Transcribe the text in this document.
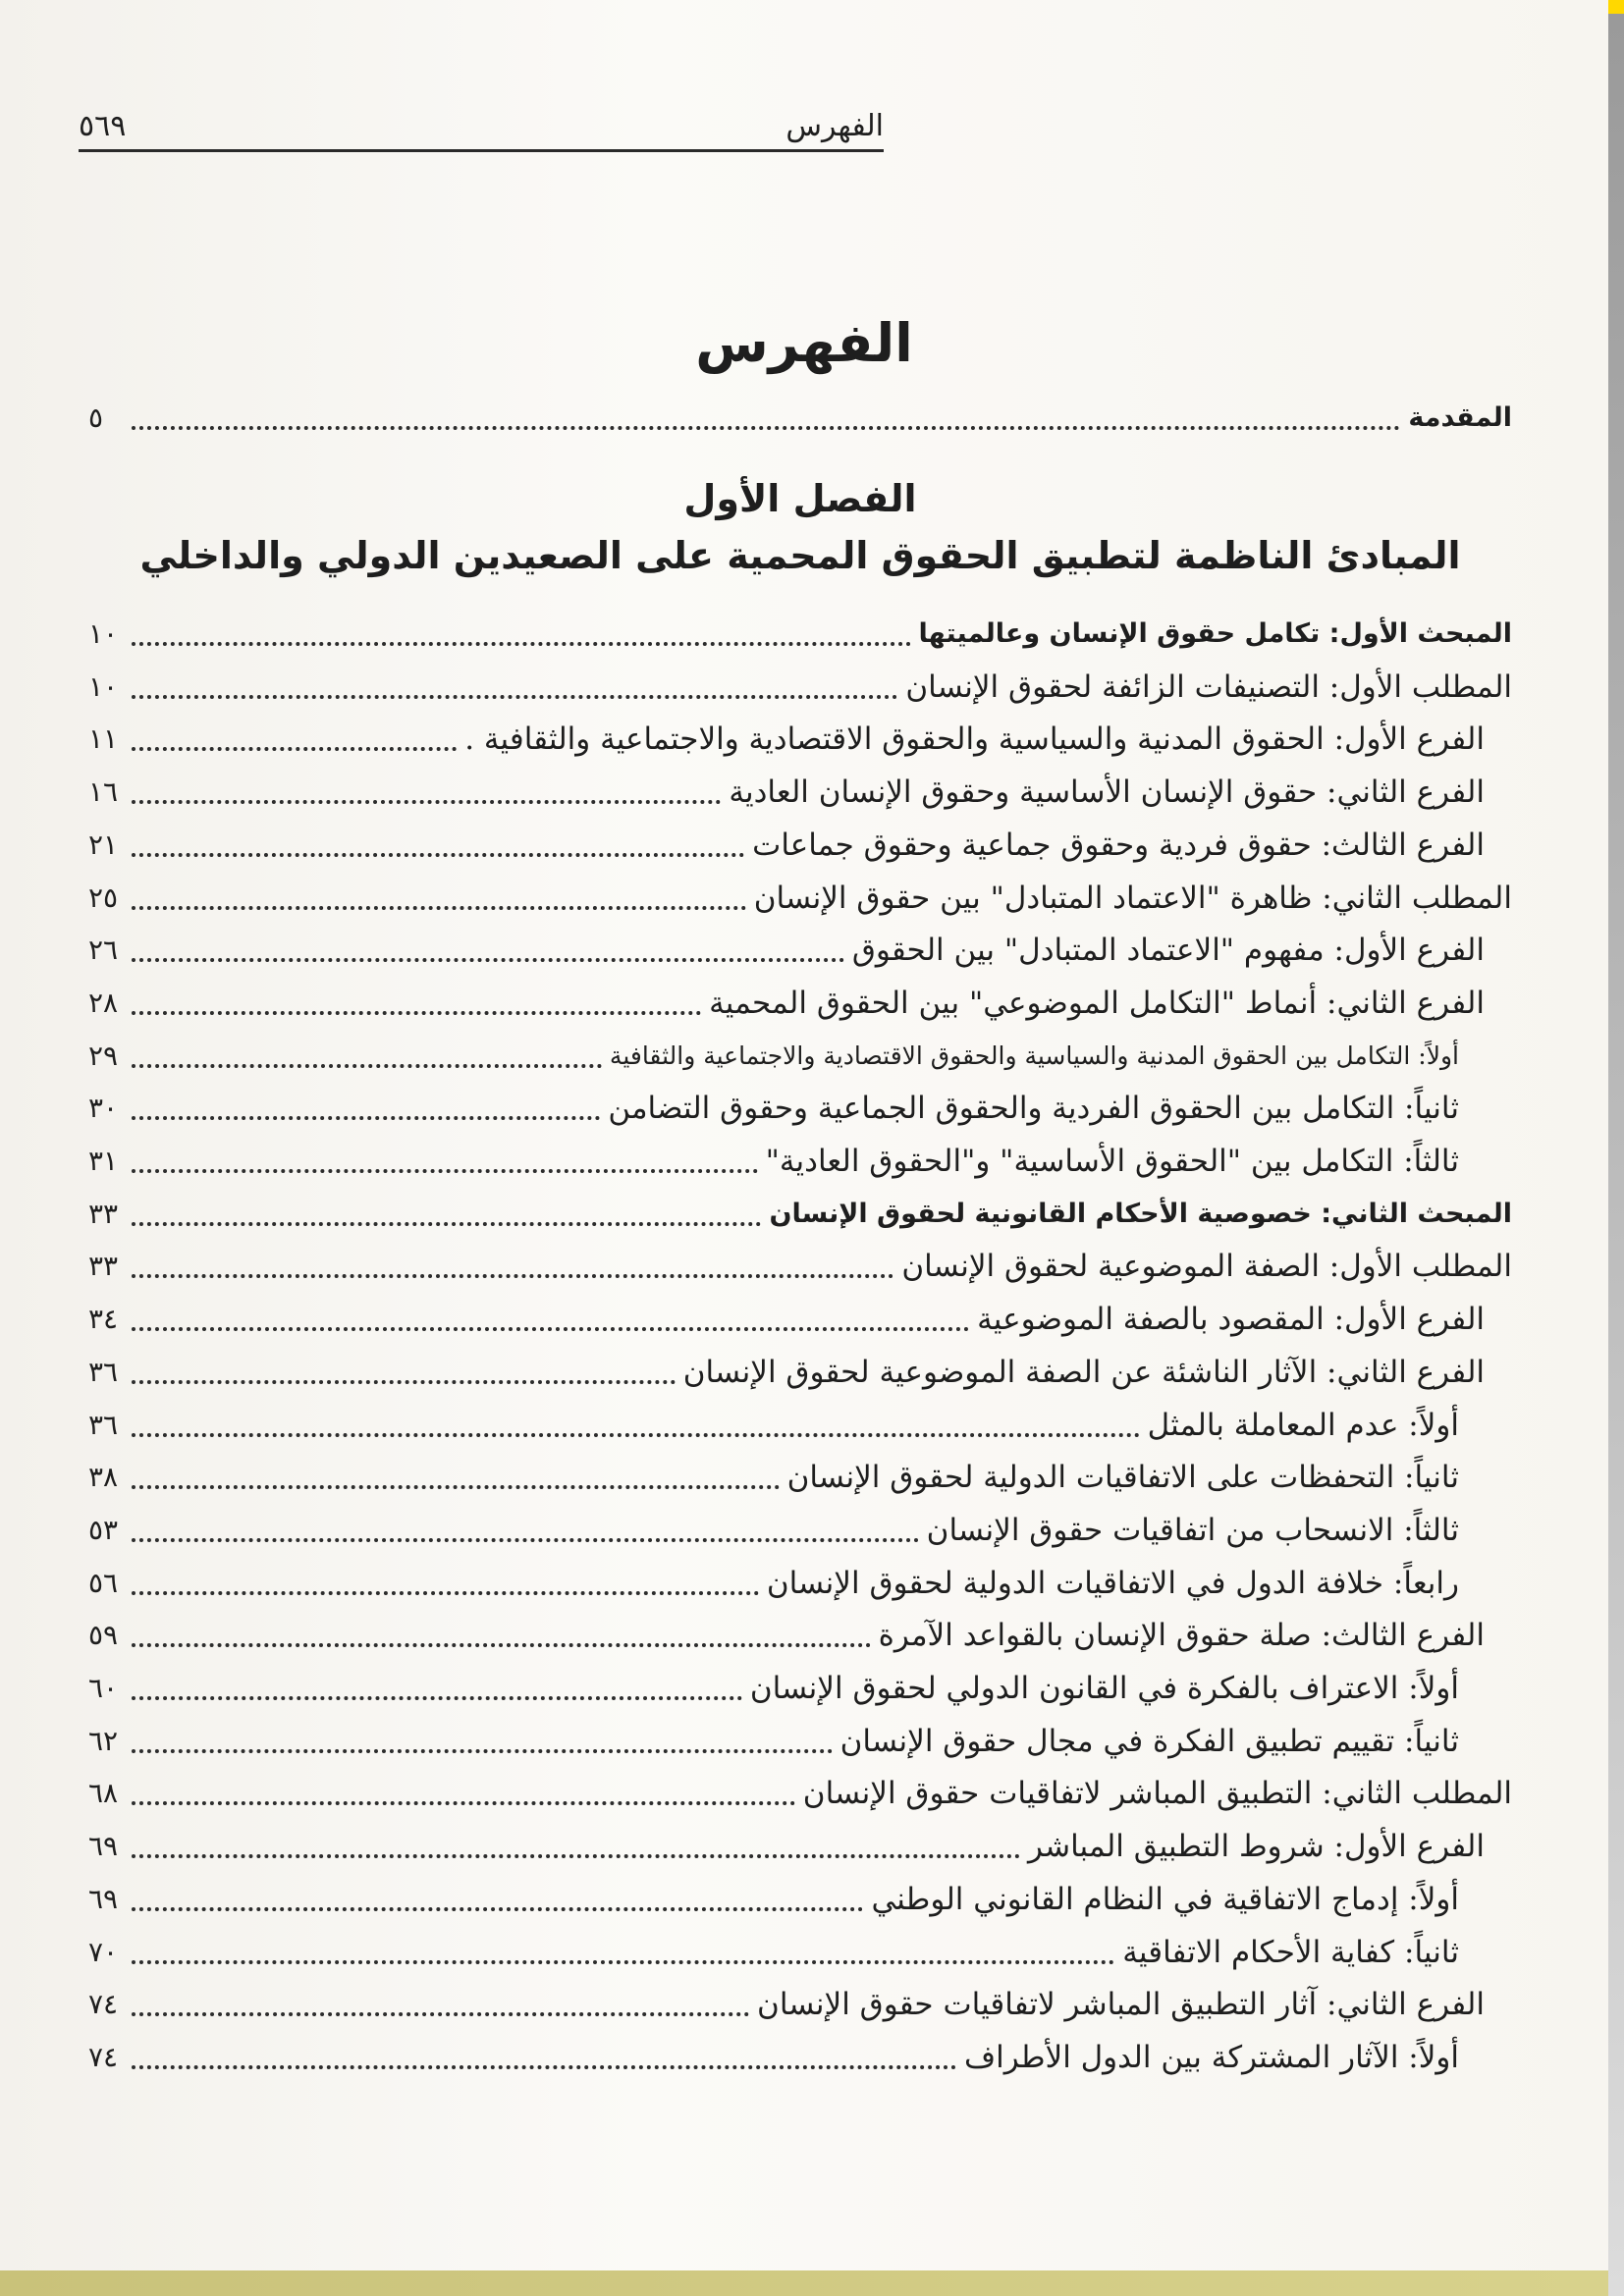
٥٦٩	الفهرس
الفهرس
المقدمة
٥
الفصل الأول
المبادئ الناظمة لتطبيق الحقوق المحمية على الصعيدين الدولي والداخلي
المبحث الأول: تكامل حقوق الإنسان وعالميتها
١٠
المطلب الأول: التصنيفات الزائفة لحقوق الإنسان
١٠
الفرع الأول: الحقوق المدنية والسياسية والحقوق الاقتصادية والاجتماعية والثقافية .
١١
الفرع الثاني: حقوق الإنسان الأساسية وحقوق الإنسان العادية
١٦
الفرع الثالث: حقوق فردية وحقوق جماعية وحقوق جماعات
٢١
المطلب الثاني: ظاهرة "الاعتماد المتبادل" بين حقوق الإنسان
٢٥
الفرع الأول: مفهوم "الاعتماد المتبادل" بين الحقوق
٢٦
الفرع الثاني: أنماط "التكامل الموضوعي" بين الحقوق المحمية
٢٨
أولاً: التكامل بين الحقوق المدنية والسياسية والحقوق الاقتصادية والاجتماعية والثقافية
٢٩
ثانياً: التكامل بين الحقوق الفردية والحقوق الجماعية وحقوق التضامن
٣٠
ثالثاً: التكامل بين "الحقوق الأساسية" و"الحقوق العادية"
٣١
المبحث الثاني: خصوصية الأحكام القانونية لحقوق الإنسان
٣٣
المطلب الأول: الصفة الموضوعية لحقوق الإنسان
٣٣
الفرع الأول: المقصود بالصفة الموضوعية
٣٤
الفرع الثاني: الآثار الناشئة عن الصفة الموضوعية لحقوق الإنسان
٣٦
أولاً: عدم المعاملة بالمثل
٣٦
ثانياً: التحفظات على الاتفاقيات الدولية لحقوق الإنسان
٣٨
ثالثاً: الانسحاب من اتفاقيات حقوق الإنسان
٥٣
رابعاً: خلافة الدول في الاتفاقيات الدولية لحقوق الإنسان
٥٦
الفرع الثالث: صلة حقوق الإنسان بالقواعد الآمرة
٥٩
أولاً: الاعتراف بالفكرة في القانون الدولي لحقوق الإنسان
٦٠
ثانياً: تقييم تطبيق الفكرة في مجال حقوق الإنسان
٦٢
المطلب الثاني: التطبيق المباشر لاتفاقيات حقوق الإنسان
٦٨
الفرع الأول: شروط التطبيق المباشر
٦٩
أولاً: إدماج الاتفاقية في النظام القانوني الوطني
٦٩
ثانياً: كفاية الأحكام الاتفاقية
٧٠
الفرع الثاني: آثار التطبيق المباشر لاتفاقيات حقوق الإنسان
٧٤
أولاً: الآثار المشتركة بين الدول الأطراف
٧٤
